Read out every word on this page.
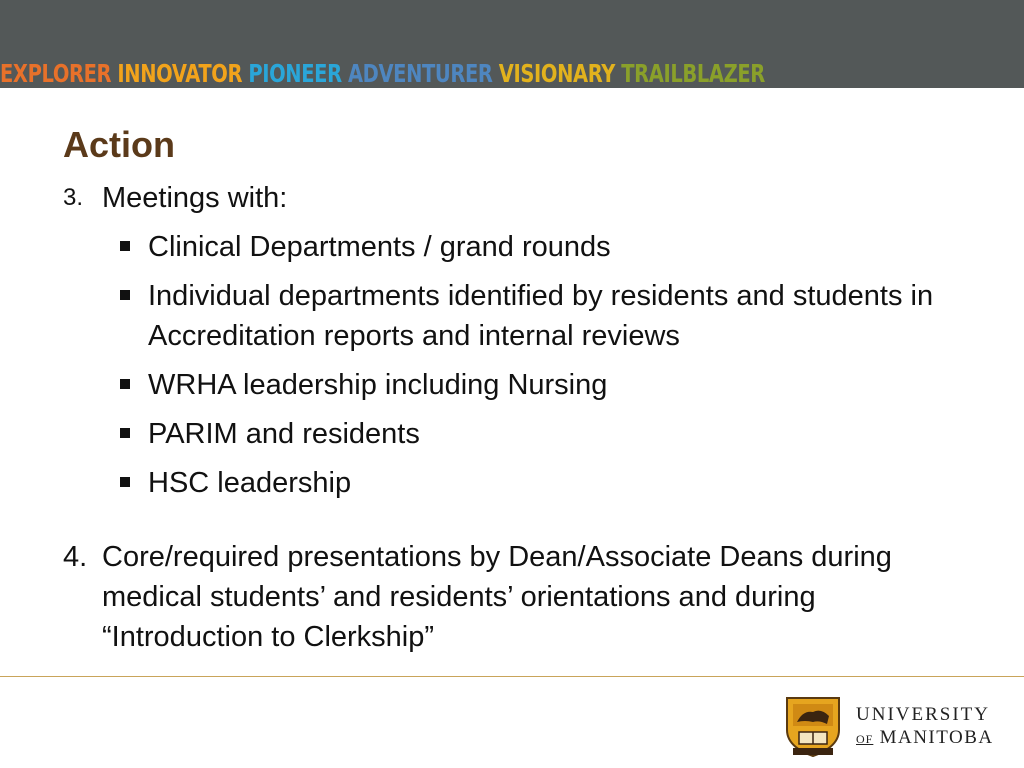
EXPLORER INNOVATOR PIONEER ADVENTURER VISIONARY TRAILBLAZER
Action
3. Meetings with:
Clinical Departments / grand rounds
Individual departments identified by residents and students in Accreditation reports and internal reviews
WRHA leadership including Nursing
PARIM and residents
HSC leadership
4. Core/required presentations by Dean/Associate Deans during medical students’ and residents’ orientations and during “Introduction to Clerkship”
UNIVERSITY
OF MANITOBA
